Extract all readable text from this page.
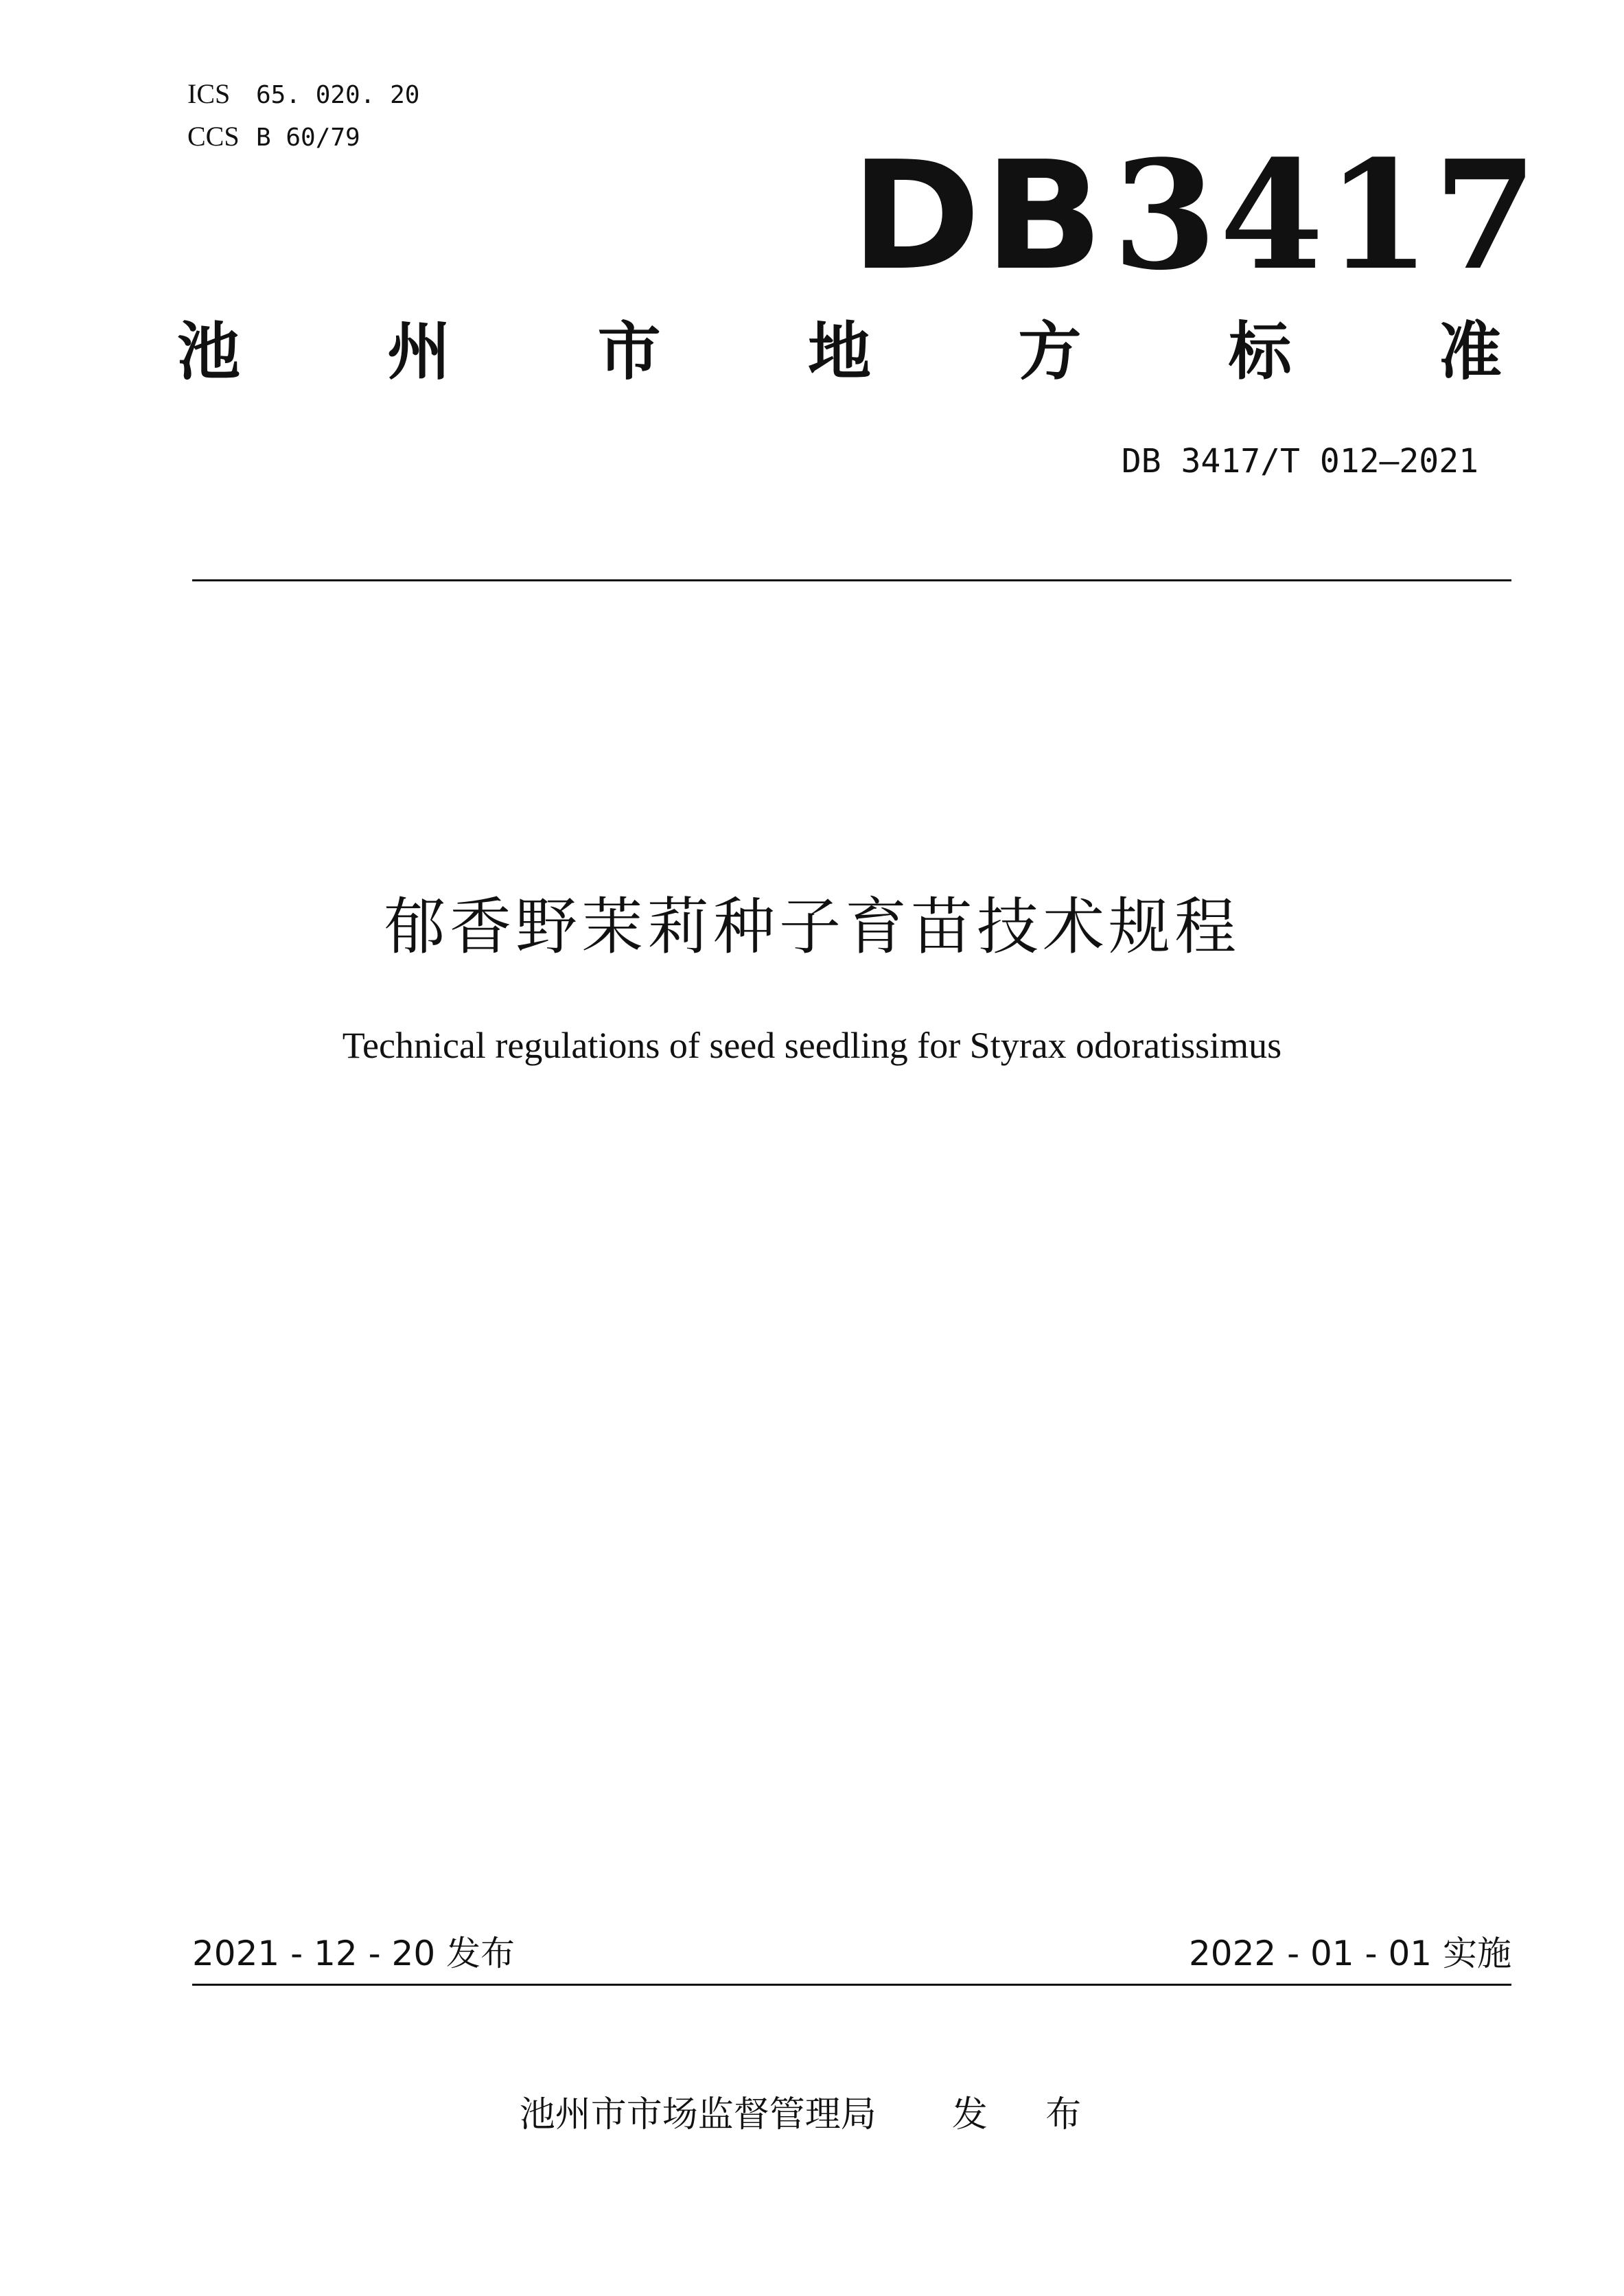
ICS 65. 020. 20
CCS B 60/79	DB3417
池 州 市 地 方 标 准
DB 3417/T 012—2021
郁香野茉莉种子育苗技术规程
Technical regulations of seed seedling for Styrax odoratissimus
2021 - 12 - 20 发布	2022 - 01 - 01 实施
池州市市场监督管理局 发 布
